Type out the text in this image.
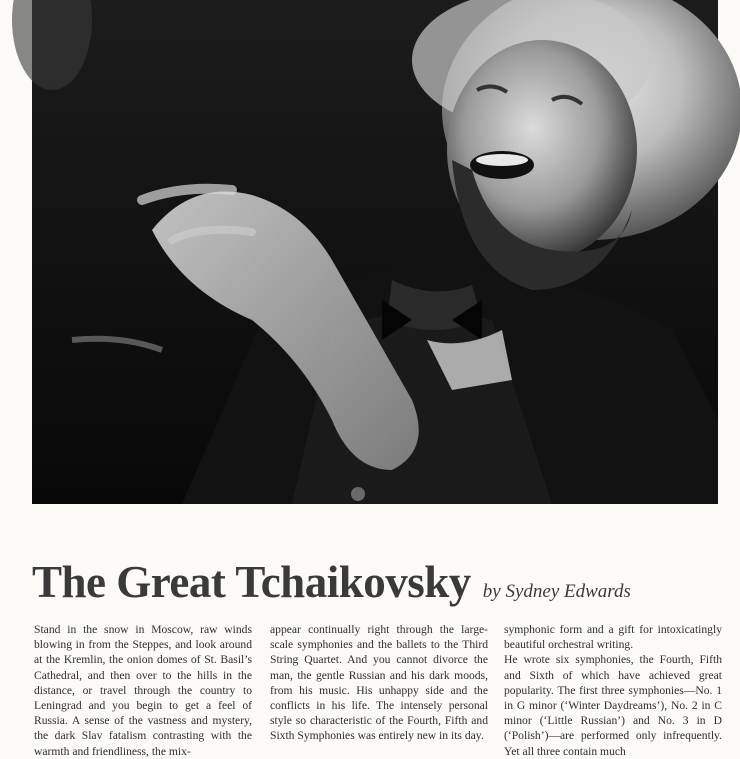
The Great Tchaikovsky by Sydney Edwards

Stand in the snow in Moscow, raw winds blowing in from the Steppes, and look around at the Kremlin, the onion domes of St. Basil’s Cathedral, and then over to the hills in the distance, or travel through the country to Leningrad and you begin to get a feel of Russia. A sense of the vastness and mystery, the dark Slav fatalism contrasting with the warmth and friendliness, the mix-

appear continually right through the large-scale symphonies and the ballets to the Third String Quartet. And you cannot divorce the man, the gentle Russian and his dark moods, from his music. His unhappy side and the conflicts in his life. The intensely personal style so characteristic of the Fourth, Fifth and Sixth Symphonies was entirely new in its day.

symphonic form and a gift for intoxicatingly beautiful orchestral writing.

He wrote six symphonies, the Fourth, Fifth and Sixth of which have achieved great popularity. The first three symphonies—No. 1 in G minor (‘Winter Daydreams’), No. 2 in C minor (‘Little Russian’) and No. 3 in D (‘Polish’)—are performed only infrequently. Yet all three contain much
